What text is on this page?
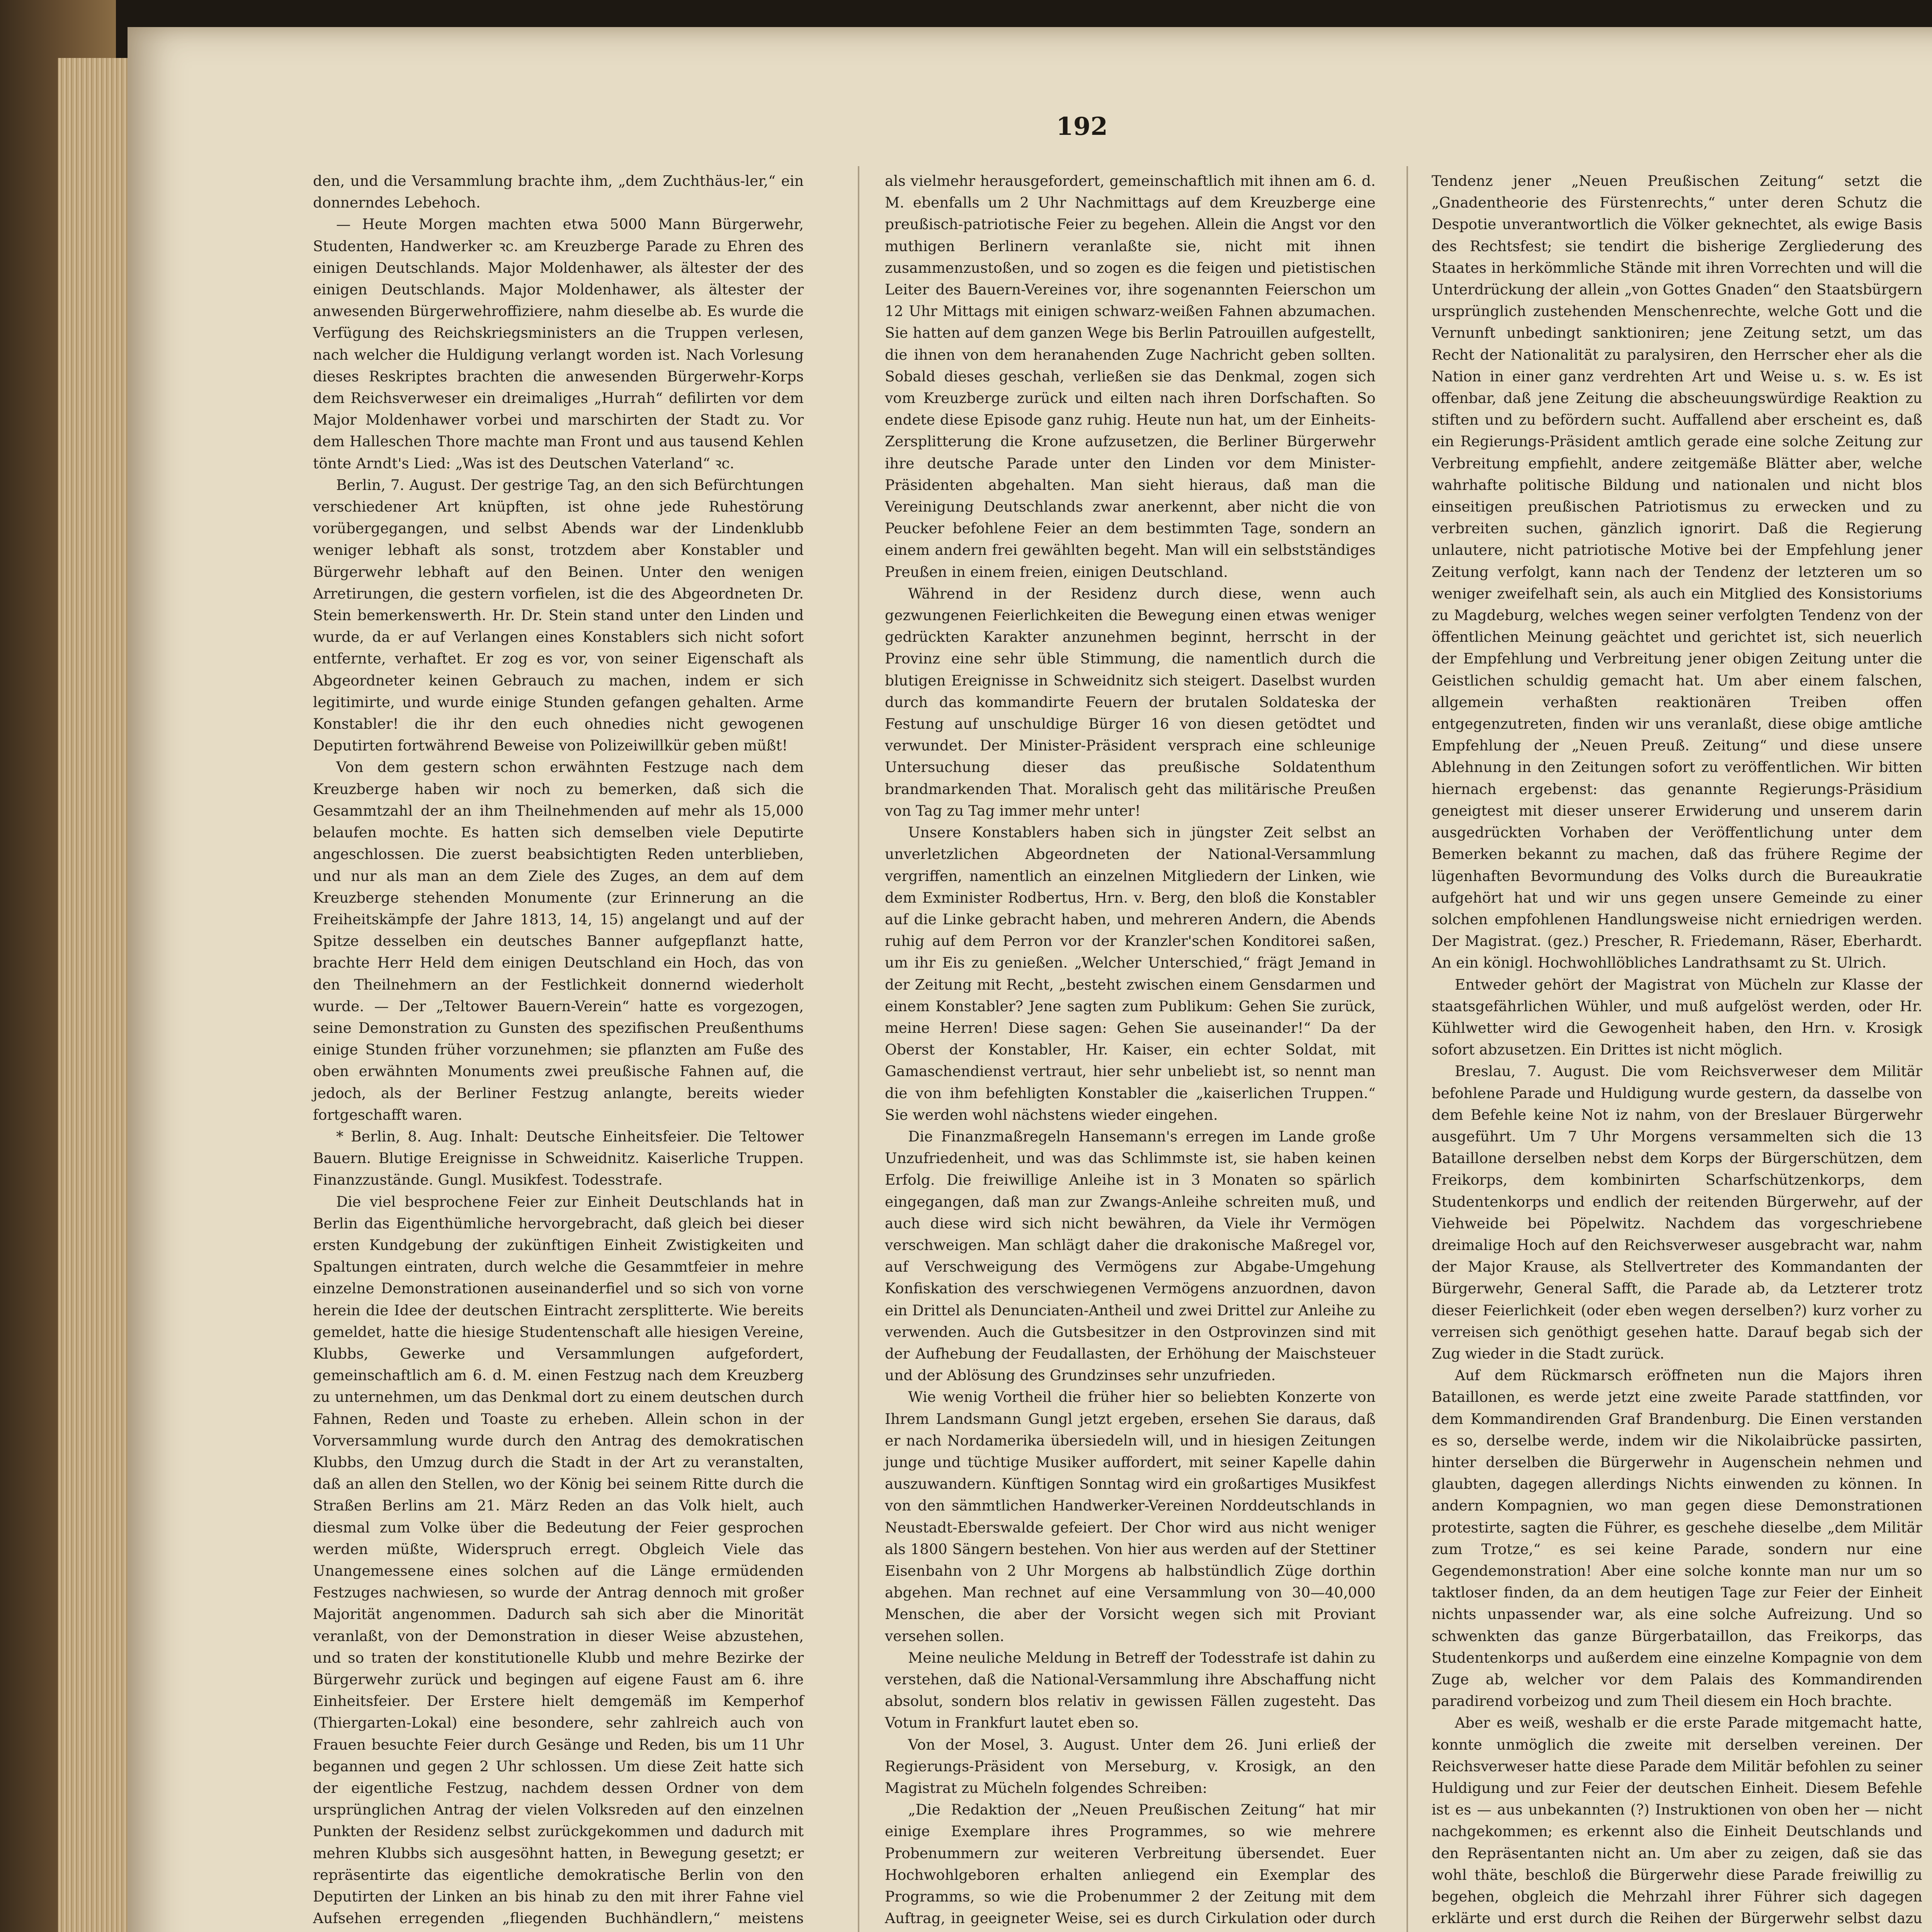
192

den, und die Versammlung brachte ihm, „dem Zuchthäus-ler,“ ein donnerndes Lebehoch.

— Heute Morgen machten etwa 5000 Mann Bürgerwehr, Studenten, Handwerker ꝛc. am Kreuzberge Parade zu Ehren des einigen Deutschlands. Major Moldenhawer, als ältester der des einigen Deutschlands. Major Moldenhawer, als ältester der anwesenden Bürgerwehroffiziere, nahm dieselbe ab. Es wurde die Verfügung des Reichskriegsministers an die Truppen verlesen, nach welcher die Huldigung verlangt worden ist. Nach Vorlesung dieses Reskriptes brachten die anwesenden Bürgerwehr-Korps dem Reichsverweser ein dreimaliges „Hurrah“ defilirten vor dem Major Moldenhawer vorbei und marschirten der Stadt zu. Vor dem Halleschen Thore machte man Front und aus tausend Kehlen tönte Arndt's Lied: „Was ist des Deutschen Vaterland“ ꝛc.

Berlin, 7. August. Der gestrige Tag, an den sich Befürchtungen verschiedener Art knüpften, ist ohne jede Ruhestörung vorübergegangen, und selbst Abends war der Lindenklubb weniger lebhaft als sonst, trotzdem aber Konstabler und Bürgerwehr lebhaft auf den Beinen. Unter den wenigen Arretirungen, die gestern vorfielen, ist die des Abgeordneten Dr. Stein bemerkenswerth. Hr. Dr. Stein stand unter den Linden und wurde, da er auf Verlangen eines Konstablers sich nicht sofort entfernte, verhaftet. Er zog es vor, von seiner Eigenschaft als Abgeordneter keinen Gebrauch zu machen, indem er sich legitimirte, und wurde einige Stunden gefangen gehalten. Arme Konstabler! die ihr den euch ohnedies nicht gewogenen Deputirten fortwährend Beweise von Polizeiwillkür geben müßt!

Von dem gestern schon erwähnten Festzuge nach dem Kreuzberge haben wir noch zu bemerken, daß sich die Gesammtzahl der an ihm Theilnehmenden auf mehr als 15,000 belaufen mochte. Es hatten sich demselben viele Deputirte angeschlossen. Die zuerst beabsichtigten Reden unterblieben, und nur als man an dem Ziele des Zuges, an dem auf dem Kreuzberge stehenden Monumente (zur Erinnerung an die Freiheitskämpfe der Jahre 1813, 14, 15) angelangt und auf der Spitze desselben ein deutsches Banner aufgepflanzt hatte, brachte Herr Held dem einigen Deutschland ein Hoch, das von den Theilnehmern an der Festlichkeit donnernd wiederholt wurde. — Der „Teltower Bauern-Verein“ hatte es vorgezogen, seine Demonstration zu Gunsten des spezifischen Preußenthums einige Stunden früher vorzunehmen; sie pflanzten am Fuße des oben erwähnten Monuments zwei preußische Fahnen auf, die jedoch, als der Berliner Festzug anlangte, bereits wieder fortgeschafft waren.

* Berlin, 8. Aug. Inhalt: Deutsche Einheitsfeier. Die Teltower Bauern. Blutige Ereignisse in Schweidnitz. Kaiserliche Truppen. Finanzzustände. Gungl. Musikfest. Todesstrafe.

Die viel besprochene Feier zur Einheit Deutschlands hat in Berlin das Eigenthümliche hervorgebracht, daß gleich bei dieser ersten Kundgebung der zukünftigen Einheit Zwistigkeiten und Spaltungen eintraten, durch welche die Gesammtfeier in mehre einzelne Demonstrationen auseinanderfiel und so sich von vorne herein die Idee der deutschen Eintracht zersplitterte. Wie bereits gemeldet, hatte die hiesige Studentenschaft alle hiesigen Vereine, Klubbs, Gewerke und Versammlungen aufgefordert, gemeinschaftlich am 6. d. M. einen Festzug nach dem Kreuzberg zu unternehmen, um das Denkmal dort zu einem deutschen durch Fahnen, Reden und Toaste zu erheben. Allein schon in der Vorversammlung wurde durch den Antrag des demokratischen Klubbs, den Umzug durch die Stadt in der Art zu veranstalten, daß an allen den Stellen, wo der König bei seinem Ritte durch die Straßen Berlins am 21. März Reden an das Volk hielt, auch diesmal zum Volke über die Bedeutung der Feier gesprochen werden müßte, Widerspruch erregt. Obgleich Viele das Unangemessene eines solchen auf die Länge ermüdenden Festzuges nachwiesen, so wurde der Antrag dennoch mit großer Majorität angenommen. Dadurch sah sich aber die Minorität veranlaßt, von der Demonstration in dieser Weise abzustehen, und so traten der konstitutionelle Klubb und mehre Bezirke der Bürgerwehr zurück und begingen auf eigene Faust am 6. ihre Einheitsfeier. Der Erstere hielt demgemäß im Kemperhof (Thiergarten-Lokal) eine besondere, sehr zahlreich auch von Frauen besuchte Feier durch Gesänge und Reden, bis um 11 Uhr begannen und gegen 2 Uhr schlossen. Um diese Zeit hatte sich der eigentliche Festzug, nachdem dessen Ordner von dem ursprünglichen Antrag der vielen Volksreden auf den einzelnen Punkten der Residenz selbst zurückgekommen und dadurch mit mehren Klubbs sich ausgesöhnt hatten, in Bewegung gesetzt; er repräsentirte das eigentliche demokratische Berlin von den Deputirten der Linken an bis hinab zu den mit ihrer Fahne viel Aufsehen erregenden „fliegenden Buchhändlern,“ meistens

als vielmehr herausgefordert, gemeinschaftlich mit ihnen am 6. d. M. ebenfalls um 2 Uhr Nachmittags auf dem Kreuzberge eine preußisch-patriotische Feier zu begehen. Allein die Angst vor den muthigen Berlinern veranlaßte sie, nicht mit ihnen zusammenzustoßen, und so zogen es die feigen und pietistischen Leiter des Bauern-Vereines vor, ihre sogenannten Feierschon um 12 Uhr Mittags mit einigen schwarz-weißen Fahnen abzumachen. Sie hatten auf dem ganzen Wege bis Berlin Patrouillen aufgestellt, die ihnen von dem heranahenden Zuge Nachricht geben sollten. Sobald dieses geschah, verließen sie das Denkmal, zogen sich vom Kreuzberge zurück und eilten nach ihren Dorfschaften. So endete diese Episode ganz ruhig. Heute nun hat, um der Einheits-Zersplitterung die Krone aufzusetzen, die Berliner Bürgerwehr ihre deutsche Parade unter den Linden vor dem Minister-Präsidenten abgehalten. Man sieht hieraus, daß man die Vereinigung Deutschlands zwar anerkennt, aber nicht die von Peucker befohlene Feier an dem bestimmten Tage, sondern an einem andern frei gewählten begeht. Man will ein selbstständiges Preußen in einem freien, einigen Deutschland.

Während in der Residenz durch diese, wenn auch gezwungenen Feierlichkeiten die Bewegung einen etwas weniger gedrückten Karakter anzunehmen beginnt, herrscht in der Provinz eine sehr üble Stimmung, die namentlich durch die blutigen Ereignisse in Schweidnitz sich steigert. Daselbst wurden durch das kommandirte Feuern der brutalen Soldateska der Festung auf unschuldige Bürger 16 von diesen getödtet und verwundet. Der Minister-Präsident versprach eine schleunige Untersuchung dieser das preußische Soldatenthum brandmarkenden That. Moralisch geht das militärische Preußen von Tag zu Tag immer mehr unter!

Unsere Konstablers haben sich in jüngster Zeit selbst an unverletzlichen Abgeordneten der National-Versammlung vergriffen, namentlich an einzelnen Mitgliedern der Linken, wie dem Exminister Rodbertus, Hrn. v. Berg, den bloß die Konstabler auf die Linke gebracht haben, und mehreren Andern, die Abends ruhig auf dem Perron vor der Kranzler'schen Konditorei saßen, um ihr Eis zu genießen. „Welcher Unterschied,“ frägt Jemand in der Zeitung mit Recht, „besteht zwischen einem Gensdarmen und einem Konstabler? Jene sagten zum Publikum: Gehen Sie zurück, meine Herren! Diese sagen: Gehen Sie auseinander!“ Da der Oberst der Konstabler, Hr. Kaiser, ein echter Soldat, mit Gamaschendienst vertraut, hier sehr unbeliebt ist, so nennt man die von ihm befehligten Konstabler die „kaiserlichen Truppen.“ Sie werden wohl nächstens wieder eingehen.

Die Finanzmaßregeln Hansemann's erregen im Lande große Unzufriedenheit, und was das Schlimmste ist, sie haben keinen Erfolg. Die freiwillige Anleihe ist in 3 Monaten so spärlich eingegangen, daß man zur Zwangs-Anleihe schreiten muß, und auch diese wird sich nicht bewähren, da Viele ihr Vermögen verschweigen. Man schlägt daher die drakonische Maßregel vor, auf Verschweigung des Vermögens zur Abgabe-Umgehung Konfiskation des verschwiegenen Vermögens anzuordnen, davon ein Drittel als Denunciaten-Antheil und zwei Drittel zur Anleihe zu verwenden. Auch die Gutsbesitzer in den Ostprovinzen sind mit der Aufhebung der Feudallasten, der Erhöhung der Maischsteuer und der Ablösung des Grundzinses sehr unzufrieden.

Wie wenig Vortheil die früher hier so beliebten Konzerte von Ihrem Landsmann Gungl jetzt ergeben, ersehen Sie daraus, daß er nach Nordamerika übersiedeln will, und in hiesigen Zeitungen junge und tüchtige Musiker auffordert, mit seiner Kapelle dahin auszuwandern. Künftigen Sonntag wird ein großartiges Musikfest von den sämmtlichen Handwerker-Vereinen Norddeutschlands in Neustadt-Eberswalde gefeiert. Der Chor wird aus nicht weniger als 1800 Sängern bestehen. Von hier aus werden auf der Stettiner Eisenbahn von 2 Uhr Morgens ab halbstündlich Züge dorthin abgehen. Man rechnet auf eine Versammlung von 30—40,000 Menschen, die aber der Vorsicht wegen sich mit Proviant versehen sollen.

Meine neuliche Meldung in Betreff der Todesstrafe ist dahin zu verstehen, daß die National-Versammlung ihre Abschaffung nicht absolut, sondern blos relativ in gewissen Fällen zugesteht. Das Votum in Frankfurt lautet eben so.

Von der Mosel, 3. August. Unter dem 26. Juni erließ der Regierungs-Präsident von Merseburg, v. Krosigk, an den Magistrat zu Mücheln folgendes Schreiben:

„Die Redaktion der „Neuen Preußischen Zeitung“ hat mir einige Exemplare ihres Programmes, so wie mehrere Probenummern zur weiteren Verbreitung übersendet. Euer Hochwohlgeboren erhalten anliegend ein Exemplar des Programms, so wie die Probenummer 2 der Zeitung mit dem Auftrag, in geeigneter Weise, sei es durch Cirkulation oder durch

Tendenz jener „Neuen Preußischen Zeitung“ setzt die „Gnadentheorie des Fürstenrechts,“ unter deren Schutz die Despotie unverantwortlich die Völker geknechtet, als ewige Basis des Rechtsfest; sie tendirt die bisherige Zergliederung des Staates in herkömmliche Stände mit ihren Vorrechten und will die Unterdrückung der allein „von Gottes Gnaden“ den Staatsbürgern ursprünglich zustehenden Menschenrechte, welche Gott und die Vernunft unbedingt sanktioniren; jene Zeitung setzt, um das Recht der Nationalität zu paralysiren, den Herrscher eher als die Nation in einer ganz verdrehten Art und Weise u. s. w. Es ist offenbar, daß jene Zeitung die abscheuungswürdige Reaktion zu stiften und zu befördern sucht. Auffallend aber erscheint es, daß ein Regierungs-Präsident amtlich gerade eine solche Zeitung zur Verbreitung empfiehlt, andere zeitgemäße Blätter aber, welche wahrhafte politische Bildung und nationalen und nicht blos einseitigen preußischen Patriotismus zu erwecken und zu verbreiten suchen, gänzlich ignorirt. Daß die Regierung unlautere, nicht patriotische Motive bei der Empfehlung jener Zeitung verfolgt, kann nach der Tendenz der letzteren um so weniger zweifelhaft sein, als auch ein Mitglied des Konsistoriums zu Magdeburg, welches wegen seiner verfolgten Tendenz von der öffentlichen Meinung geächtet und gerichtet ist, sich neuerlich der Empfehlung und Verbreitung jener obigen Zeitung unter die Geistlichen schuldig gemacht hat. Um aber einem falschen, allgemein verhaßten reaktionären Treiben offen entgegenzutreten, finden wir uns veranlaßt, diese obige amtliche Empfehlung der „Neuen Preuß. Zeitung“ und diese unsere Ablehnung in den Zeitungen sofort zu veröffentlichen. Wir bitten hiernach ergebenst: das genannte Regierungs-Präsidium geneigtest mit dieser unserer Erwiderung und unserem darin ausgedrückten Vorhaben der Veröffentlichung unter dem Bemerken bekannt zu machen, daß das frühere Regime der lügenhaften Bevormundung des Volks durch die Bureaukratie aufgehört hat und wir uns gegen unsere Gemeinde zu einer solchen empfohlenen Handlungsweise nicht erniedrigen werden. Der Magistrat. (gez.) Prescher, R. Friedemann, Räser, Eberhardt. An ein königl. Hochwohllöbliches Landrathsamt zu St. Ulrich.

Entweder gehört der Magistrat von Mücheln zur Klasse der staatsgefährlichen Wühler, und muß aufgelöst werden, oder Hr. Kühlwetter wird die Gewogenheit haben, den Hrn. v. Krosigk sofort abzusetzen. Ein Drittes ist nicht möglich.

Breslau, 7. August. Die vom Reichsverweser dem Militär befohlene Parade und Huldigung wurde gestern, da dasselbe von dem Befehle keine Not iz nahm, von der Breslauer Bürgerwehr ausgeführt. Um 7 Uhr Morgens versammelten sich die 13 Bataillone derselben nebst dem Korps der Bürgerschützen, dem Freikorps, dem kombinirten Scharfschützenkorps, dem Studentenkorps und endlich der reitenden Bürgerwehr, auf der Viehweide bei Pöpelwitz. Nachdem das vorgeschriebene dreimalige Hoch auf den Reichsverweser ausgebracht war, nahm der Major Krause, als Stellvertreter des Kommandanten der Bürgerwehr, General Safft, die Parade ab, da Letzterer trotz dieser Feierlichkeit (oder eben wegen derselben?) kurz vorher zu verreisen sich genöthigt gesehen hatte. Darauf begab sich der Zug wieder in die Stadt zurück.

Auf dem Rückmarsch eröffneten nun die Majors ihren Bataillonen, es werde jetzt eine zweite Parade stattfinden, vor dem Kommandirenden Graf Brandenburg. Die Einen verstanden es so, derselbe werde, indem wir die Nikolaibrücke passirten, hinter derselben die Bürgerwehr in Augenschein nehmen und glaubten, dagegen allerdings Nichts einwenden zu können. In andern Kompagnien, wo man gegen diese Demonstrationen protestirte, sagten die Führer, es geschehe dieselbe „dem Militär zum Trotze,“ es sei keine Parade, sondern nur eine Gegendemonstration! Aber eine solche konnte man nur um so taktloser finden, da an dem heutigen Tage zur Feier der Einheit nichts unpassender war, als eine solche Aufreizung. Und so schwenkten das ganze Bürgerbataillon, das Freikorps, das Studentenkorps und außerdem eine einzelne Kompagnie von dem Zuge ab, welcher vor dem Palais des Kommandirenden paradirend vorbeizog und zum Theil diesem ein Hoch brachte.

Aber es weiß, weshalb er die erste Parade mitgemacht hatte, konnte unmöglich die zweite mit derselben vereinen. Der Reichsverweser hatte diese Parade dem Militär befohlen zu seiner Huldigung und zur Feier der deutschen Einheit. Diesem Befehle ist es — aus unbekannten (?) Instruktionen von oben her — nicht nachgekommen; es erkennt also die Einheit Deutschlands und den Repräsentanten nicht an. Um aber zu zeigen, daß sie das wohl thäte, beschloß die Bürgerwehr diese Parade freiwillig zu begehen, obgleich die Mehrzahl ihrer Führer sich dagegen erklärte und erst durch die Reihen der Bürgerwehr selbst dazu
